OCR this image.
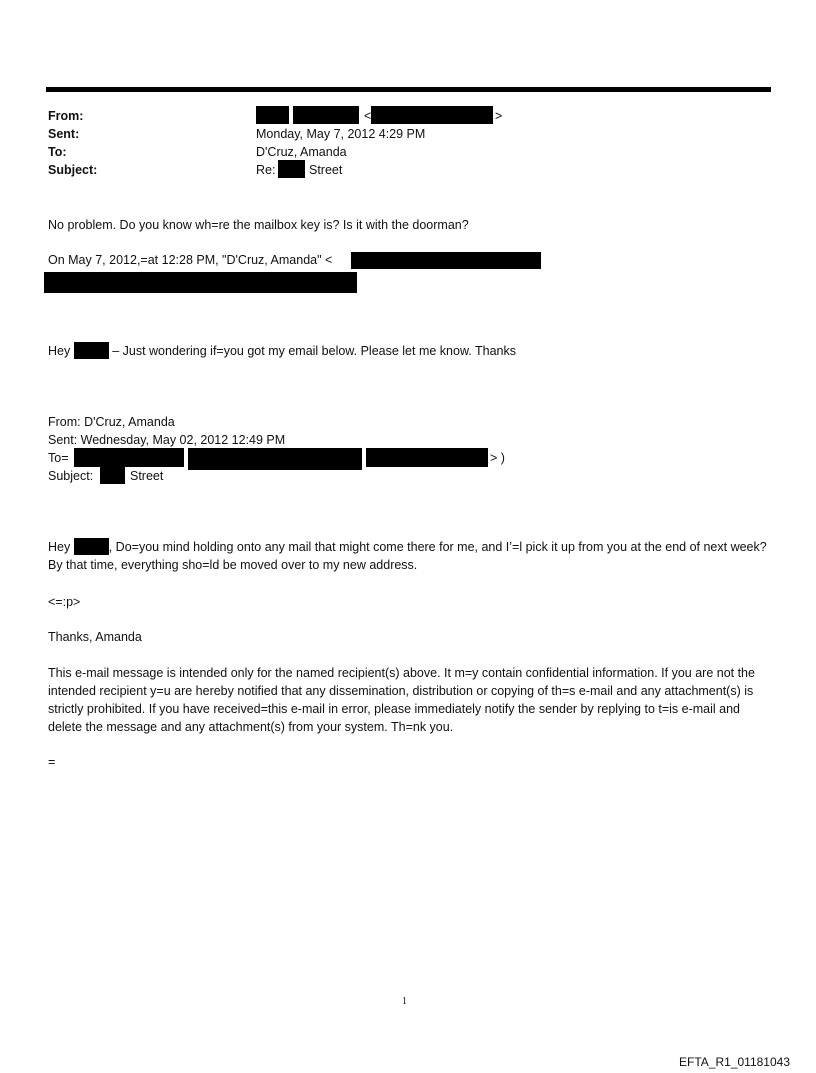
From:	<	>
Sent:	Monday, May 7, 2012 4:29 PM
To:	D'Cruz, Amanda
Subject:	Re:	Street
No problem. Do you know wh=re the mailbox key is? Is it with the doorman?
On May 7, 2012,=at 12:28 PM, "D'Cruz, Amanda" <
Hey	– Just wondering if=you got my email below. Please let me know. Thanks
From: D'Cruz, Amanda
Sent: Wednesday, May 02, 2012 12:49 PM
To=	> )
Subject:	Street
Hey	, Do=you mind holding onto any mail that might come there for me, and I’=l pick it up from you at the end of next week? By that time, everything sho=ld be moved over to my new address.
<=:p>
Thanks, Amanda
This e-mail message is intended only for the named recipient(s) above. It m=y contain confidential information. If you are not the intended recipient y=u are hereby notified that any dissemination, distribution or copying of th=s e-mail and any attachment(s) is strictly prohibited. If you have received=this e-mail in error, please immediately notify the sender by replying to t=is e-mail and delete the message and any attachment(s) from your system. Th=nk you.
=
1
EFTA_R1_01181043
